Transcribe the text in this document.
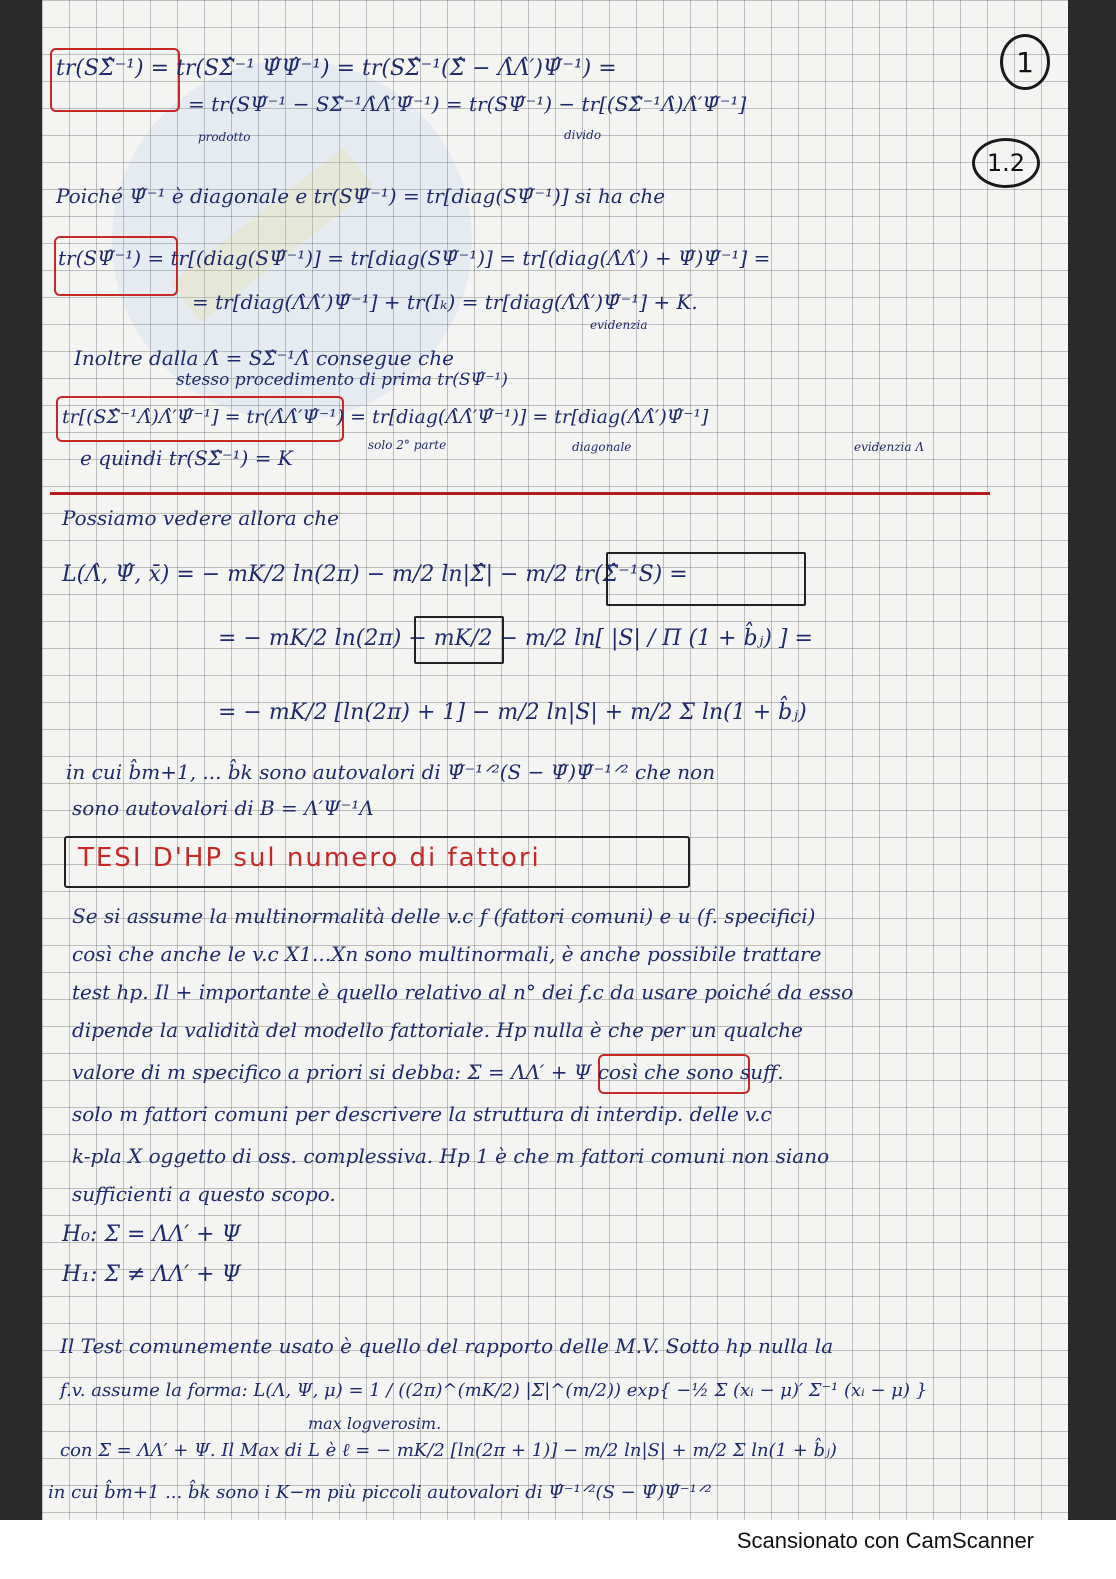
1
1.2
tr(SΣ̂⁻¹) = tr(SΣ̂⁻¹ Ψ̂Ψ̂⁻¹) = tr(SΣ̂⁻¹(Σ̂ − Λ̂Λ̂′)Ψ̂⁻¹) =
= tr(SΨ̂⁻¹ − SΣ̂⁻¹Λ̂Λ̂′Ψ̂⁻¹) = tr(SΨ̂⁻¹) − tr[(SΣ̂⁻¹Λ̂)Λ̂′Ψ̂⁻¹]
prodotto	divido
Poiché Ψ̂⁻¹ è diagonale e tr(SΨ̂⁻¹) = tr[diag(SΨ̂⁻¹)] si ha che
tr(SΨ̂⁻¹) = tr[(diag(SΨ̂⁻¹)] = tr[diag(SΨ̂⁻¹)] = tr[(diag(Λ̂Λ̂′) + Ψ̂)Ψ̂⁻¹] =
= tr[diag(Λ̂Λ̂′)Ψ̂⁻¹] + tr(Iₖ) = tr[diag(Λ̂Λ̂′)Ψ̂⁻¹] + K.
evidenzia
Inoltre dalla Λ̂ = SΣ̂⁻¹Λ̂ consegue che
stesso procedimento di prima tr(SΨ̂⁻¹)
tr[(SΣ̂⁻¹Λ̂)Λ̂′Ψ̂⁻¹] = tr(Λ̂Λ̂′Ψ̂⁻¹) = tr[diag(Λ̂Λ̂′Ψ̂⁻¹)] = tr[diag(Λ̂Λ̂′)Ψ̂⁻¹]
solo 2° parte	diagonale	evidenzia Λ
e quindi tr(SΣ̂⁻¹) = K
Possiamo vedere allora che
L(Λ̂, Ψ̂, x̄) = − mK/2 ln(2π) − m/2 ln|Σ̂| − m/2 tr(Σ̂⁻¹S) =
= − mK/2 ln(2π) − mK/2 − m/2 ln[ |S| / Π (1 + b̂ⱼ) ] =
= − mK/2 [ln(2π) + 1] − m/2 ln|S| + m/2 Σ ln(1 + b̂ⱼ)
in cui b̂m+1, ... b̂k sono autovalori di Ψ̂⁻¹ᐟ²(S − Ψ̂)Ψ̂⁻¹ᐟ² che non
sono autovalori di B = Λ′Ψ⁻¹Λ
TESI D'HP sul numero di fattori
Se si assume la multinormalità delle v.c f (fattori comuni) e u (f. specifici)
così che anche le v.c X1...Xn sono multinormali, è anche possibile trattare
test hp. Il + importante è quello relativo al n° dei f.c da usare poiché da esso
dipende la validità del modello fattoriale. Hp nulla è che per un qualche
valore di m specifico a priori si debba: Σ = ΛΛ′ + Ψ così che sono suff.
solo m fattori comuni per descrivere la struttura di interdip. delle v.c
k-pla X oggetto di oss. complessiva. Hp 1 è che m fattori comuni non siano
sufficienti a questo scopo.
H₀: Σ = ΛΛ′ + Ψ
H₁: Σ ≠ ΛΛ′ + Ψ
Il Test comunemente usato è quello del rapporto delle M.V. Sotto hp nulla la
f.v. assume la forma: L(Λ, Ψ, μ) = 1 / ((2π)^(mK/2) |Σ|^(m/2)) exp{ −½ Σ (xᵢ − μ)′ Σ⁻¹ (xᵢ − μ) }
max logverosim.
con Σ = ΛΛ′ + Ψ. Il Max di L è ℓ = − mK/2 [ln(2π + 1)] − m/2 ln|S| + m/2 Σ ln(1 + b̂ⱼ)
in cui b̂m+1 ... b̂k sono i K−m più piccoli autovalori di Ψ̂⁻¹ᐟ²(S − Ψ̂)Ψ̂⁻¹ᐟ²
Scansionato con CamScanner
